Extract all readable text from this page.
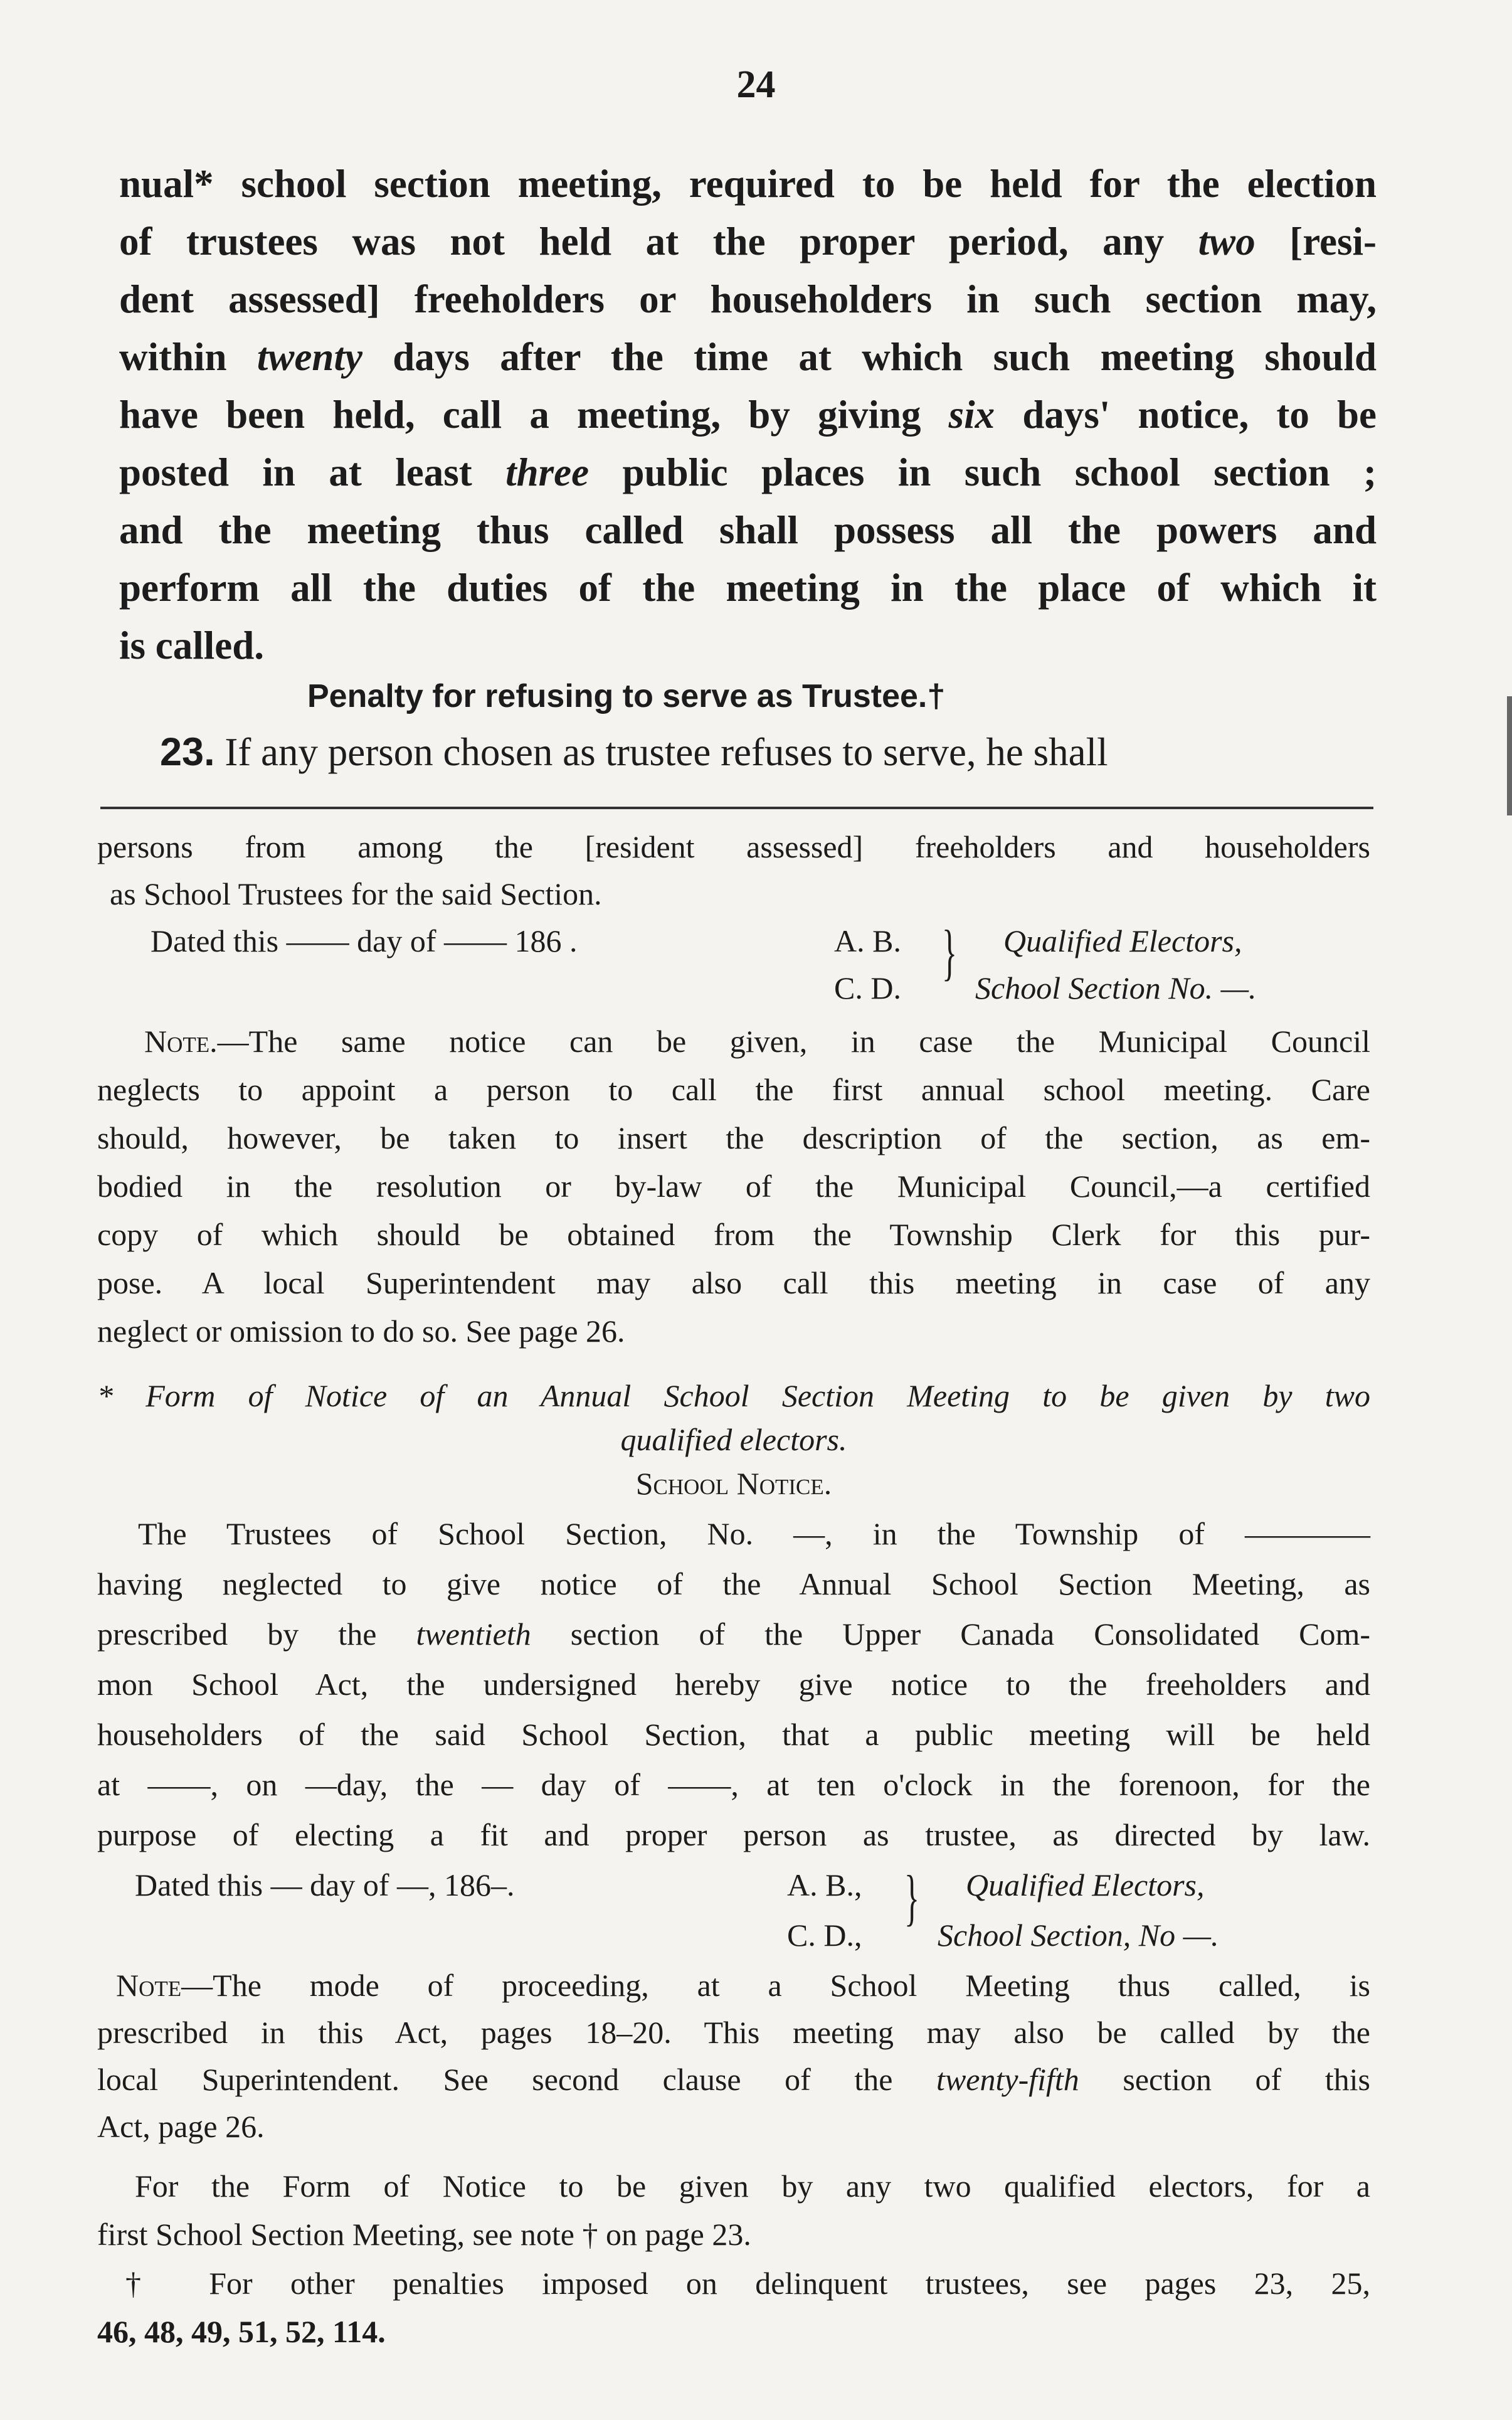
24
nual* school section meeting, required to be held for the election
of trustees was not held at the proper period, any two [resi-
dent assessed] freeholders or householders in such section may,
within twenty days after the time at which such meeting should
have been held, call a meeting, by giving six days' notice, to be
posted in at least three public places in such school section ;
and the meeting thus called shall possess all the powers and
perform all the duties of the meeting in the place of which it
is called.
Penalty for refusing to serve as Trustee.†
23. If any person chosen as trustee refuses to serve, he shall
persons from among the [resident assessed] freeholders and householders
as School Trustees for the said Section.
Dated this —— day of —— 186 .	A. B.
C. D.
} Qualified Electors,
School Section No. —.
Note.—The same notice can be given, in case the Municipal Council
neglects to appoint a person to call the first annual school meeting. Care
should, however, be taken to insert the description of the section, as em-
bodied in the resolution or by-law of the Municipal Council,—a certified
copy of which should be obtained from the Township Clerk for this pur-
pose. A local Superintendent may also call this meeting in case of any
neglect or omission to do so. See page 26.
* Form of Notice of an Annual School Section Meeting to be given by two
qualified electors.
School Notice.
The Trustees of School Section, No. —, in the Township of ————
having neglected to give notice of the Annual School Section Meeting, as
prescribed by the twentieth section of the Upper Canada Consolidated Com-
mon School Act, the undersigned hereby give notice to the freeholders and
householders of the said School Section, that a public meeting will be held
at ——, on —day, the — day of ——, at ten o'clock in the forenoon, for the
purpose of electing a fit and proper person as trustee, as directed by law.
Dated this — day of —, 186–.	A. B.,
C. D.,
} Qualified Electors,
School Section, No —.
Note—The mode of proceeding, at a School Meeting thus called, is
prescribed in this Act, pages 18–20. This meeting may also be called by the
local Superintendent. See second clause of the twenty-fifth section of this
Act, page 26.
For the Form of Notice to be given by any two qualified electors, for a
first School Section Meeting, see note † on page 23.
† For other penalties imposed on delinquent trustees, see pages 23, 25,
46, 48, 49, 51, 52, 114.
